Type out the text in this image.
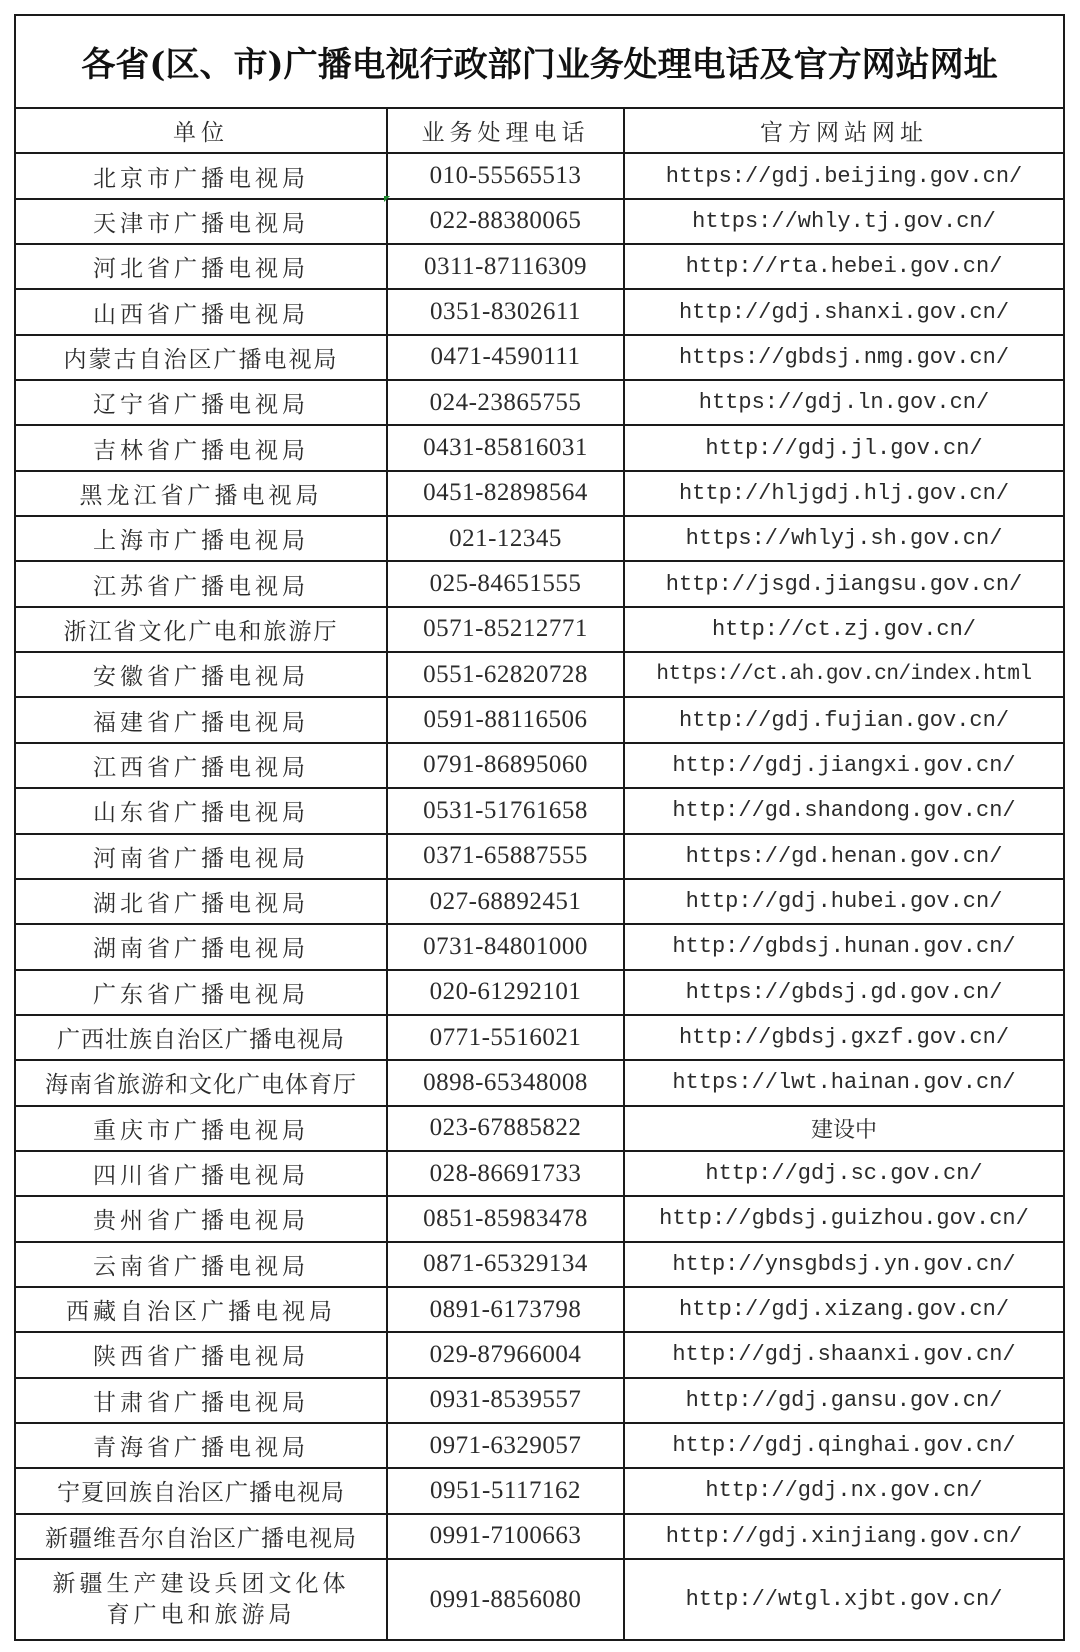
各省(区、市)广播电视行政部门业务处理电话及官方网站网址
单位	业务处理电话	官方网站网址
北京市广播电视局	010-55565513	https://gdj.beijing.gov.cn/
天津市广播电视局	022-88380065	https://whly.tj.gov.cn/
河北省广播电视局	0311-87116309	http://rta.hebei.gov.cn/
山西省广播电视局	0351-8302611	http://gdj.shanxi.gov.cn/
内蒙古自治区广播电视局	0471-4590111	https://gbdsj.nmg.gov.cn/
辽宁省广播电视局	024-23865755	https://gdj.ln.gov.cn/
吉林省广播电视局	0431-85816031	http://gdj.jl.gov.cn/
黑龙江省广播电视局	0451-82898564	http://hljgdj.hlj.gov.cn/
上海市广播电视局	021-12345	https://whlyj.sh.gov.cn/
江苏省广播电视局	025-84651555	http://jsgd.jiangsu.gov.cn/
浙江省文化广电和旅游厅	0571-85212771	http://ct.zj.gov.cn/
安徽省广播电视局	0551-62820728	https://ct.ah.gov.cn/index.html
福建省广播电视局	0591-88116506	http://gdj.fujian.gov.cn/
江西省广播电视局	0791-86895060	http://gdj.jiangxi.gov.cn/
山东省广播电视局	0531-51761658	http://gd.shandong.gov.cn/
河南省广播电视局	0371-65887555	https://gd.henan.gov.cn/
湖北省广播电视局	027-68892451	http://gdj.hubei.gov.cn/
湖南省广播电视局	0731-84801000	http://gbdsj.hunan.gov.cn/
广东省广播电视局	020-61292101	https://gbdsj.gd.gov.cn/
广西壮族自治区广播电视局	0771-5516021	http://gbdsj.gxzf.gov.cn/
海南省旅游和文化广电体育厅	0898-65348008	https://lwt.hainan.gov.cn/
重庆市广播电视局	023-67885822	建设中
四川省广播电视局	028-86691733	http://gdj.sc.gov.cn/
贵州省广播电视局	0851-85983478	http://gbdsj.guizhou.gov.cn/
云南省广播电视局	0871-65329134	http://ynsgbdsj.yn.gov.cn/
西藏自治区广播电视局	0891-6173798	http://gdj.xizang.gov.cn/
陕西省广播电视局	029-87966004	http://gdj.shaanxi.gov.cn/
甘肃省广播电视局	0931-8539557	http://gdj.gansu.gov.cn/
青海省广播电视局	0971-6329057	http://gdj.qinghai.gov.cn/
宁夏回族自治区广播电视局	0951-5117162	http://gdj.nx.gov.cn/
新疆维吾尔自治区广播电视局	0991-7100663	http://gdj.xinjiang.gov.cn/
新疆生产建设兵团文化体
育广电和旅游局
0991-8856080	http://wtgl.xjbt.gov.cn/
